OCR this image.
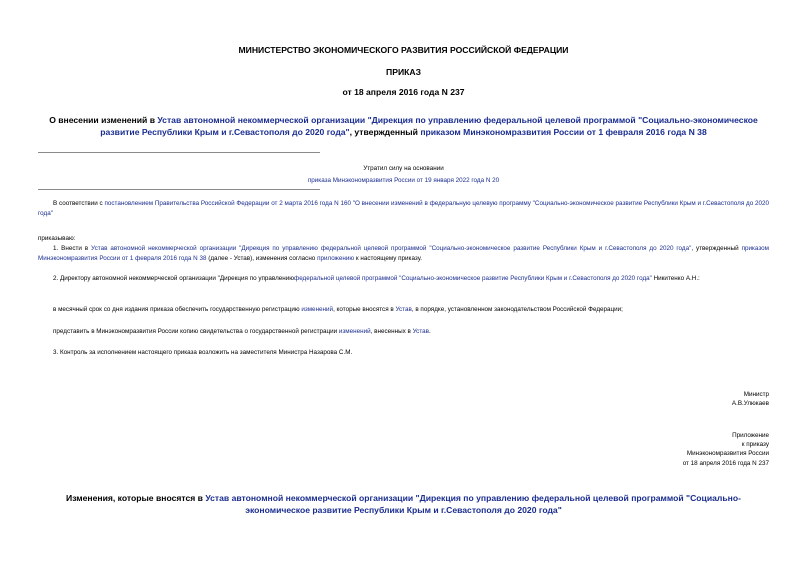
МИНИСТЕРСТВО ЭКОНОМИЧЕСКОГО РАЗВИТИЯ РОССИЙСКОЙ ФЕДЕРАЦИИ
ПРИКАЗ
от 18 апреля 2016 года N 237
О внесении изменений в Устав автономной некоммерческой организации "Дирекция по управлению федеральной целевой программой "Социально-экономическое развитие Республики Крым и г.Севастополя до 2020 года", утвержденный приказом Минэкономразвития России от 1 февраля 2016 года N 38
Утратил силу на основании
приказа Минэкономразвития России от 19 января 2022 года N 20
В соответствии с постановлением Правительства Российской Федерации от 2 марта 2016 года N 160 "О внесении изменений в федеральную целевую программу "Социально-экономическое развитие Республики Крым и г.Севастополя до 2020 года"
приказываю:
1. Внести в Устав автономной некоммерческой организации "Дирекция по управлению федеральной целевой программой "Социально-экономическое развитие Республики Крым и г.Севастополя до 2020 года", утвержденный приказом Минэкономразвития России от 1 февраля 2016 года N 38 (далее - Устав), изменения согласно приложению к настоящему приказу.
2. Директору автономной некоммерческой организации "Дирекция по управлениюфедеральной целевой программой "Социально-экономическое развитие Республики Крым и г.Севастополя до 2020 года" Никитенко А.Н.:
в месячный срок со дня издания приказа обеспечить государственную регистрацию изменений, которые вносятся в Устав, в порядке, установленном законодательством Российской Федерации;
представить в Минэкономразвития России копию свидетельства о государственной регистрации изменений, внесенных в Устав.
3. Контроль за исполнением настоящего приказа возложить на заместителя Министра Назарова С.М.
Министр
А.В.Улюкаев
Приложение
к приказу
Минэкономразвития России
от 18 апреля 2016 года N 237
Изменения, которые вносятся в Устав автономной некоммерческой организации "Дирекция по управлению федеральной целевой программой "Социально-экономическое развитие Республики Крым и г.Севастополя до 2020 года"
